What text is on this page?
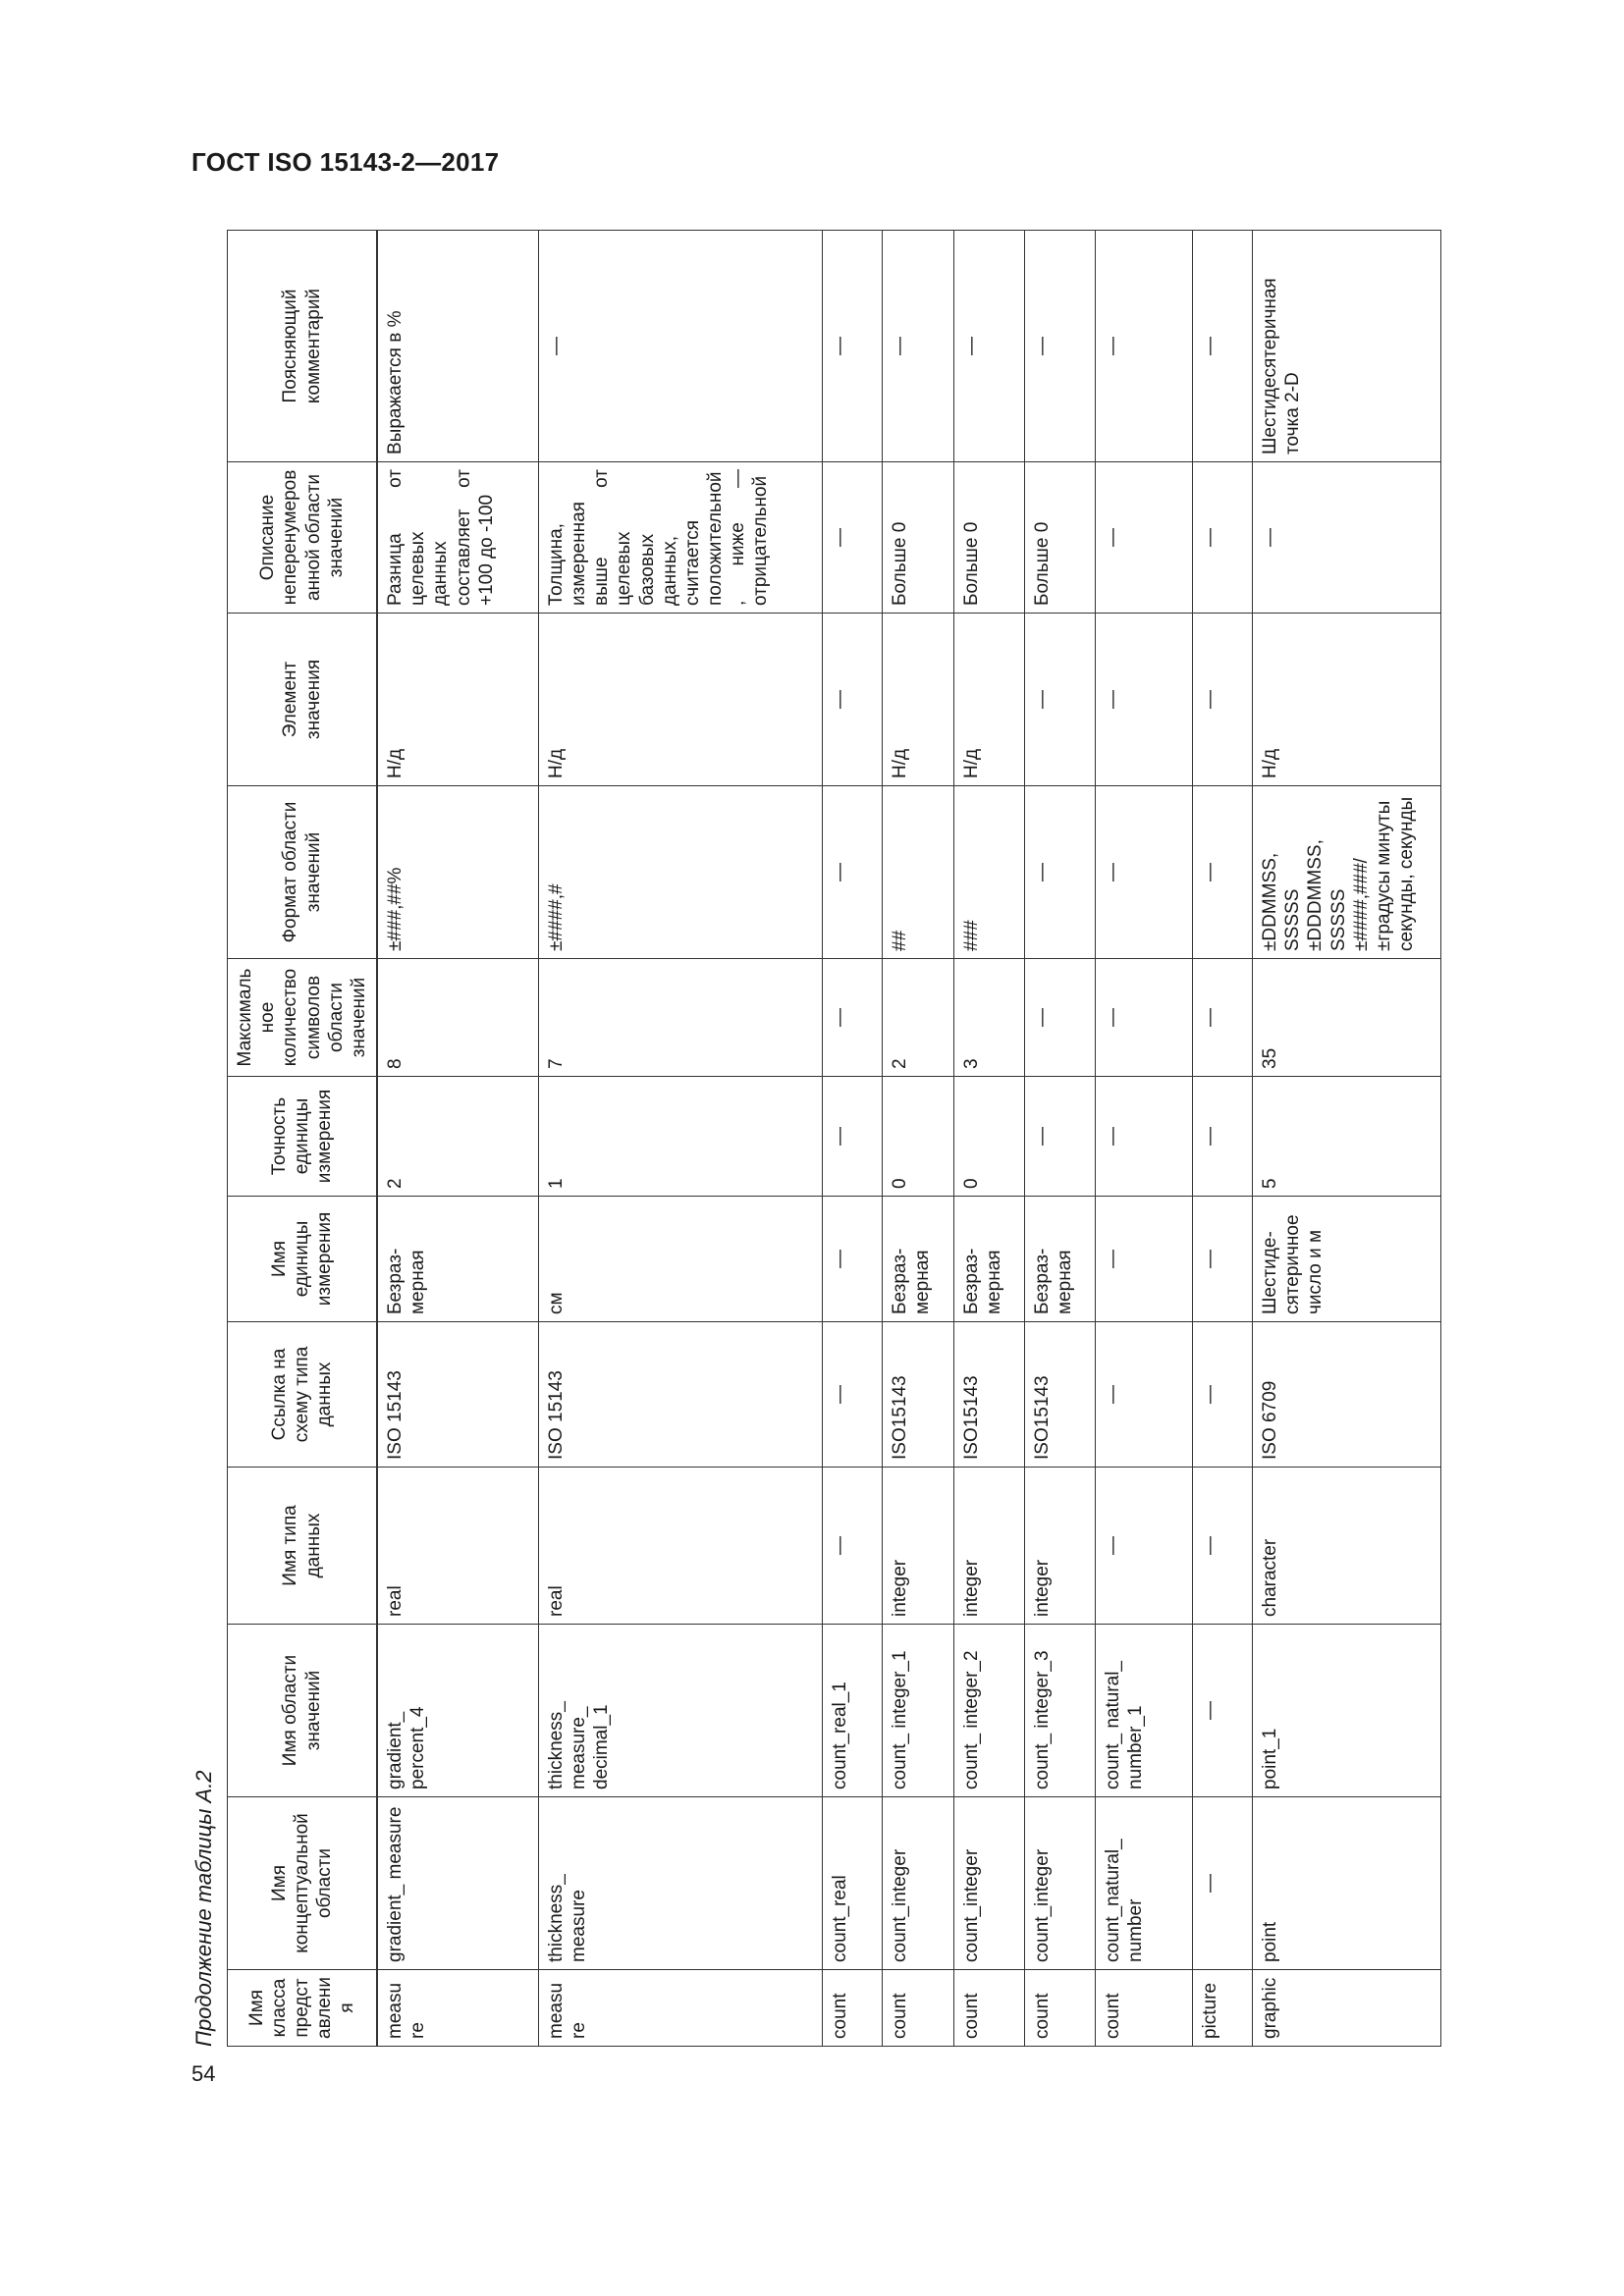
ГОСТ ISO 15143-2—2017
54
Продолжение таблицы А.2 Имя класса представления	Имя концептуальной области	Имя области значений	Имя типа данных	Ссылка на схему типа данных	Имя единицы измерения	Точность единицы измерения	Максимальное количество символов области значений	Формат области значений	Элемент значения	Описание неперенумерованной области значений	Поясняющий комментарий
measure	gradient_ measure	gradient_ percent_4	real	ISO 15143	Безраз-мерная	2	8	±###,##%	Н/д	Разница от целевых данных составляет от +100 до -100	Выражается в %
measure	thickness_ measure	thickness_ measure_ decimal_1	real	ISO 15143	см	1	7	±####,#	Н/д	Толщина, измеренная выше от целевых базовых данных, считается положительной, ниже — отрицательной	—
count	count_real	count_real_1	—	—	—	—	—	—	—	—	—
count	count_integer	count_ integer_1	integer	ISO15143	Безраз-мерная	0	2	##	Н/д	Больше 0	—
count	count_integer	count_ integer_2	integer	ISO15143	Безраз-мерная	0	3	###	Н/д	Больше 0	—
count	count_integer	count_ integer_3	integer	ISO15143	Безраз-мерная	—	—	—	—	Больше 0	—
count	count_natural_ number	count_ natural_ number_1	—	—	—	—	—	—	—	—	—
picture	—	—	—	—	—	—	—	—	—	—	—
graphic	point	point_1	character	ISO 6709	Шестиде-сятеричное число и м	5	35	±DDMMSS, SSSSS ±DDDMMSS, SSSSS ±####,###/ ±градусы минуты секунды, секунды	Н/д	—	Шестидесятеричная точка 2-D
